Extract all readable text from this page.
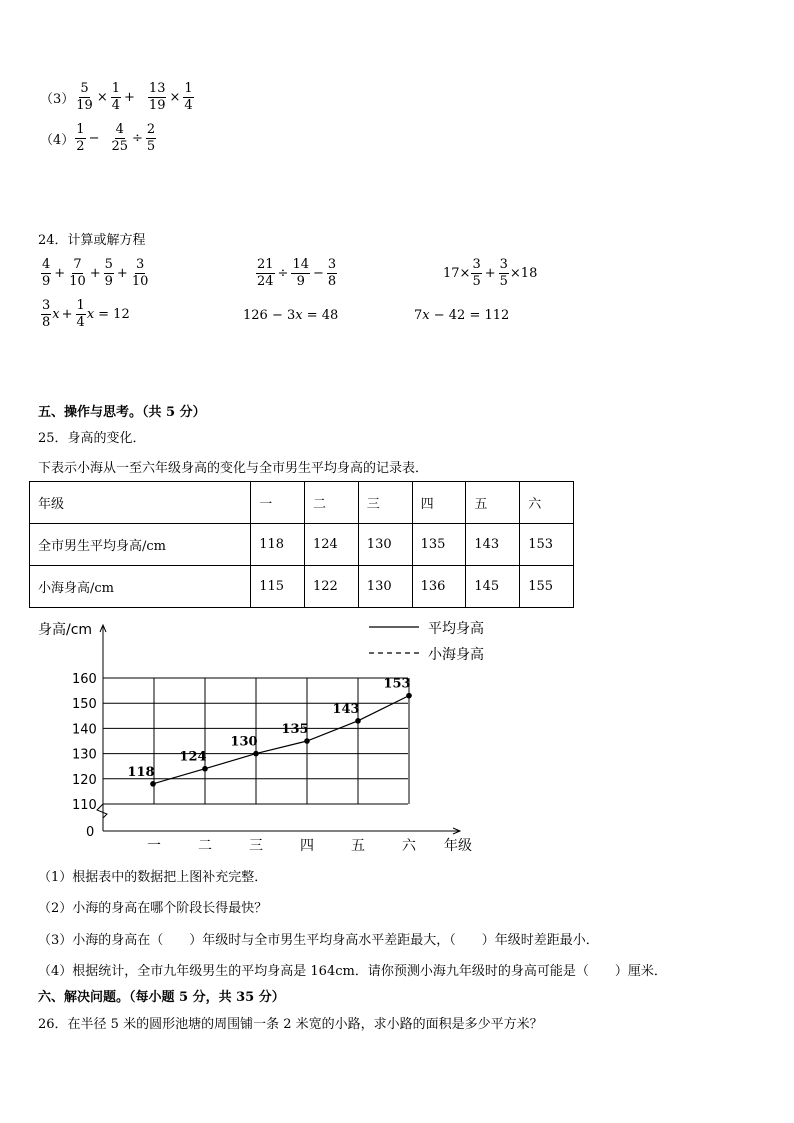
$(3) \frac{5}{19} \times \frac{1}{4} + \frac{13}{19} \times \frac{1}{4}$
$(4) \frac{1}{2} - \frac{4}{25} \div \frac{2}{5}$
24．计算或解方程
$\frac{4}{9} + \frac{7}{10} + \frac{5}{9} + \frac{3}{10}$	$\frac{21}{24} \div \frac{14}{9} - \frac{3}{8}$	$17\times \frac{3}{5} + \frac{3}{5} \times 18$
$\frac{3}{8}$ $x + \frac{1}{4}$ x = 12	126 − 3 x = 48	7 x − 42 = 112
五、操作与思考。（共 5 分）
25．身高的变化．
下表示小海从一至六年级身高的变化与全市男生平均身高的记录表．
年级	一	二	三	四	五	六
全市男生平均身高/cm	118	124	130	135	143	153
小海身高/cm	115	122	130	136	145	155
身高/cm
年级
160
150
140
130
120
110
0
一	二	三	四	五	六
118
124
130
135
143
153
平均身高
小海身高
（1）根据表中的数据把上图补充完整．
（2）小海的身高在哪个阶段长得最快？
（3）小海的身高在（　　）年级时与全市男生平均身高水平差距最大，（　　）年级时差距最小．
（4）根据统计，全市九年级男生的平均身高是 164cm．请你预测小海九年级时的身高可能是（　　）厘米．
六、解决问题。（每小题 5 分，共 35 分）
26．在半径 5 米的圆形池塘的周围铺一条 2 米宽的小路，求小路的面积是多少平方米？
